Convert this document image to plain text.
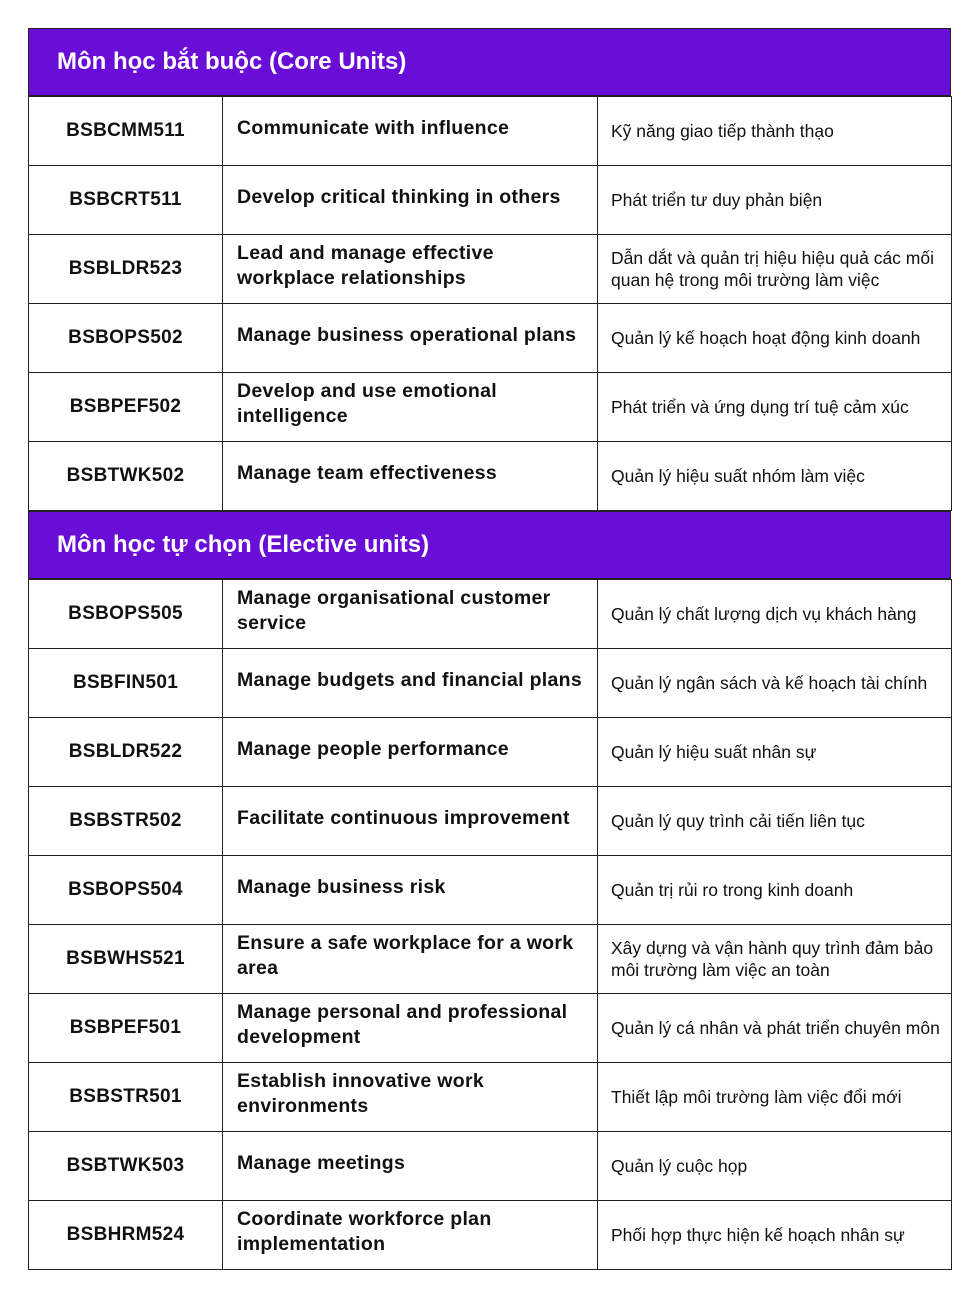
Môn học bắt buộc (Core Units)
BSBCMM511	Communicate with influence	Kỹ năng giao tiếp thành thạo
BSBCRT511	Develop critical thinking in others	Phát triển tư duy phản biện
BSBLDR523	Lead and manage effective workplace relationships	Dẫn dắt và quản trị hiệu hiệu quả các mối quan hệ trong môi trường làm việc
BSBOPS502	Manage business operational plans	Quản lý kế hoạch hoạt động kinh doanh
BSBPEF502	Develop and use emotional intelligence	Phát triển và ứng dụng trí tuệ cảm xúc
BSBTWK502	Manage team effectiveness	Quản lý hiệu suất nhóm làm việc
Môn học tự chọn (Elective units)
BSBOPS505	Manage organisational customer service	Quản lý chất lượng dịch vụ khách hàng
BSBFIN501	Manage budgets and financial plans	Quản lý ngân sách và kế hoạch tài chính
BSBLDR522	Manage people performance	Quản lý hiệu suất nhân sự
BSBSTR502	Facilitate continuous improvement	Quản lý quy trình cải tiến liên tục
BSBOPS504	Manage business risk	Quản trị rủi ro trong kinh doanh
BSBWHS521	Ensure a safe workplace for a work area	Xây dựng và vận hành quy trình đảm bảo môi trường làm việc an toàn
BSBPEF501	Manage personal and professional development	Quản lý cá nhân và phát triển chuyên môn
BSBSTR501	Establish innovative work environments	Thiết lập môi trường làm việc đổi mới
BSBTWK503	Manage meetings	Quản lý cuộc họp
BSBHRM524	Coordinate workforce plan implementation	Phối hợp thực hiện kế hoạch nhân sự
